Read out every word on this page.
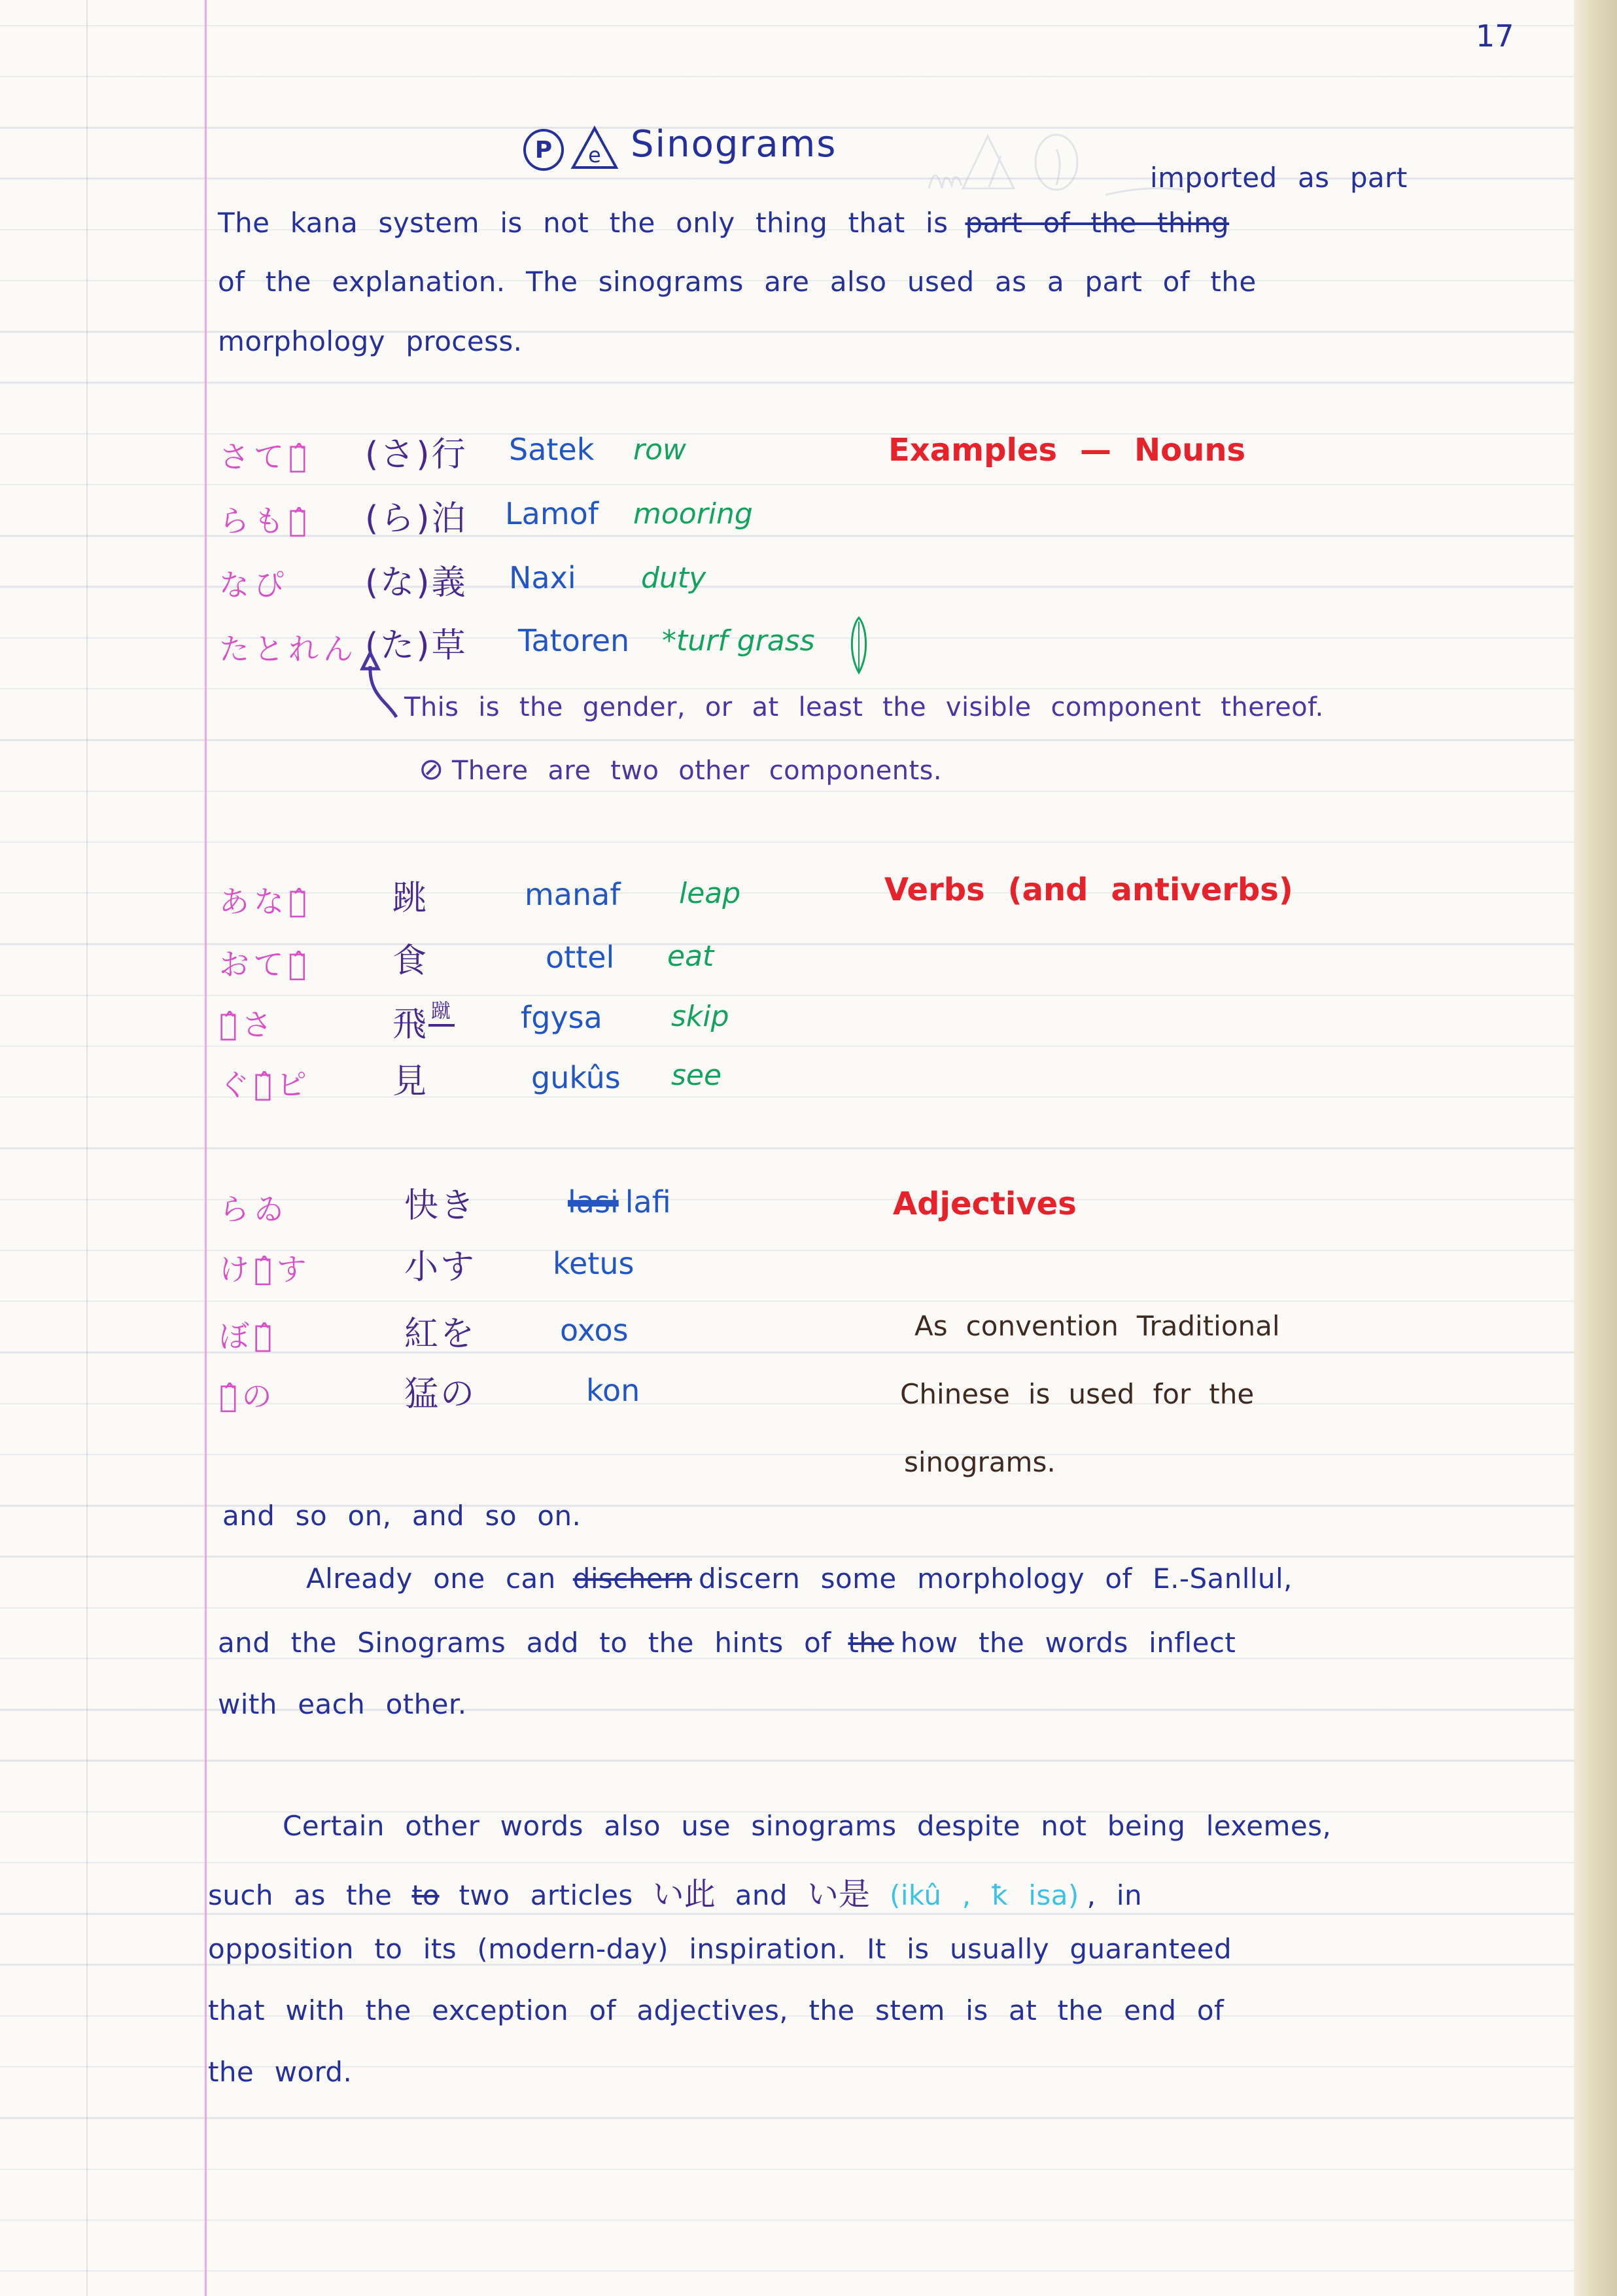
17
P e Sinograms
imported as part
The kana system is not the only thing that is part of the thing
of the explanation. The sinograms are also used as a part of the
morphology process.
Examples — Nouns
さてき̂ (さ)行 Satek row
らもテ̂ (ら)泊 Lamof mooring
なぴ (な)義 Naxi duty
たとれん (た)草 Tatoren *turf grass
This is the gender, or at least the visible component thereof.
⊘ There are two other components.
Verbs (and antiverbs)
あなゐ̂ 跳	manaf leap
おてう̂ 食	ottel eat
ゔ̂さ	飛 $^蹴$ fgysa skip
ぐニ̂ピ 見	gukûs see
Adjectives
らゐ	快き	lasi lafi
けう̂す	小す	ketus
ぼそ̂	紅を	oxos
き̂の	猛の	kon
As convention Traditional
Chinese is used for the
sinograms.
and so on, and so on.
Already one can dischern discern some morphology of E.-Sanllul,
and the Sinograms add to the hints of the how the words inflect
with each other.
Certain other words also use sinograms despite not being lexemes,
such as the to two articles い此 and い是 (ikû , ꝁ isa) , in
opposition to its (modern-day) inspiration. It is usually guaranteed
that with the exception of adjectives, the stem is at the end of
the word.
